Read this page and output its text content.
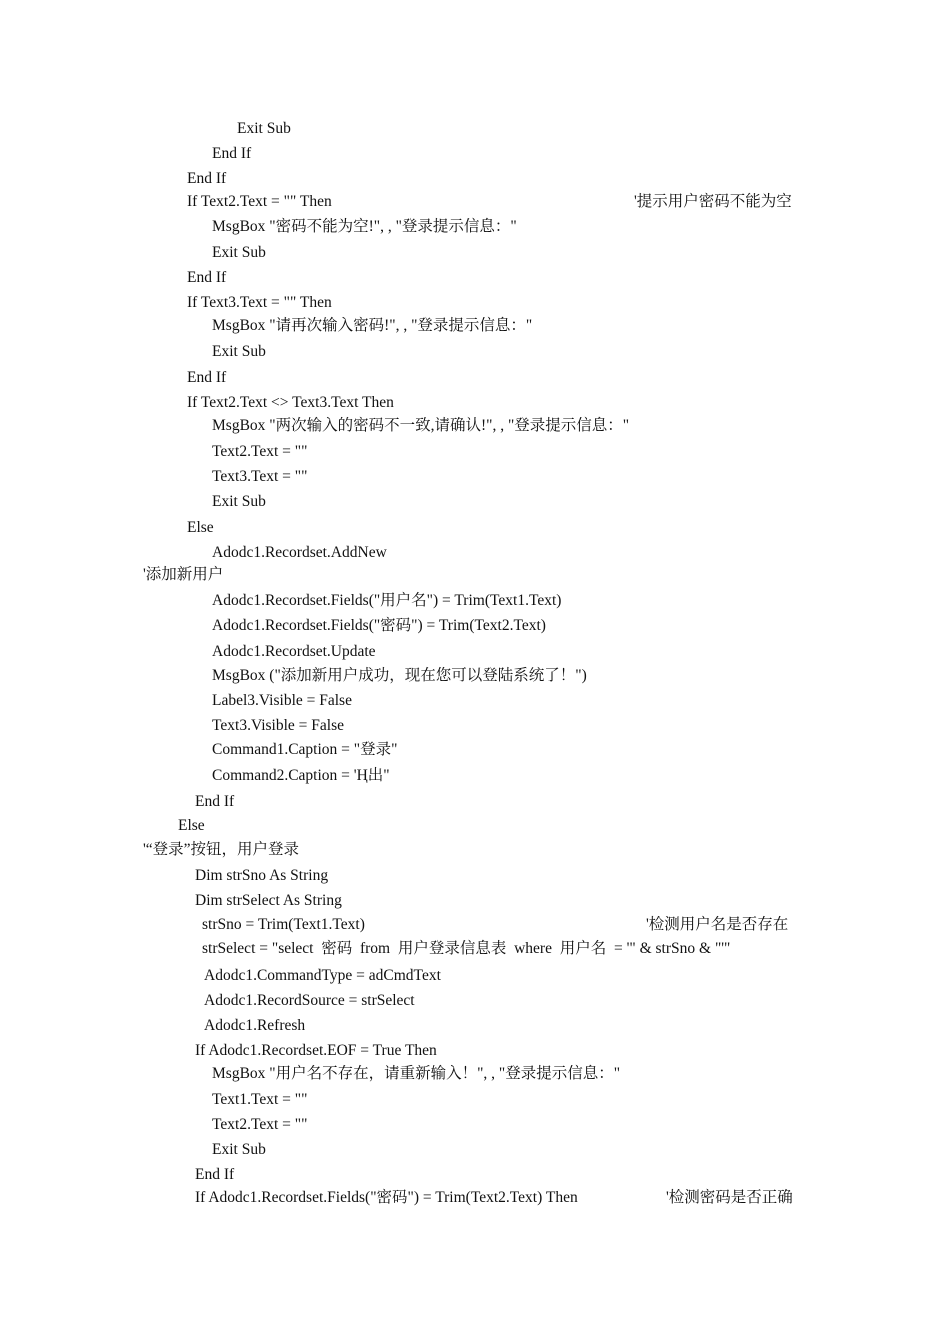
Exit Sub
End If
End If
If Text2.Text = "" Then	'提示用户密码不能为空
MsgBox "密码不能为空!", , "登录提示信息："
Exit Sub
End If
If Text3.Text = "" Then
MsgBox "请再次输入密码!", , "登录提示信息："
Exit Sub
End If
If Text2.Text <> Text3.Text Then
MsgBox "两次输入的密码不一致,请确认!", , "登录提示信息："
Text2.Text = ""
Text3.Text = ""
Exit Sub
Else
Adodc1.Recordset.AddNew
'添加新用户
Adodc1.Recordset.Fields("用户名") = Trim(Text1.Text)
Adodc1.Recordset.Fields("密码") = Trim(Text2.Text)
Adodc1.Recordset.Update
MsgBox ("添加新用户成功，现在您可以登陆系统了！")
Label3.Visible = False
Text3.Visible = False
Command1.Caption = "登录"
Command2.Caption = 'Ң出"
End If
Else
'“登录”按钮，用户登录
Dim strSno As String
Dim strSelect As String
strSno = Trim(Text1.Text)	'检测用户名是否存在
strSelect = "select  密码  from  用户登录信息表  where  用户名  = '" & strSno & "'"
Adodc1.CommandType = adCmdText
Adodc1.RecordSource = strSelect
Adodc1.Refresh
If Adodc1.Recordset.EOF = True Then
MsgBox "用户名不存在，请重新输入！", , "登录提示信息："
Text1.Text = ""
Text2.Text = ""
Exit Sub
End If
If Adodc1.Recordset.Fields("密码") = Trim(Text2.Text) Then	'检测密码是否正确
